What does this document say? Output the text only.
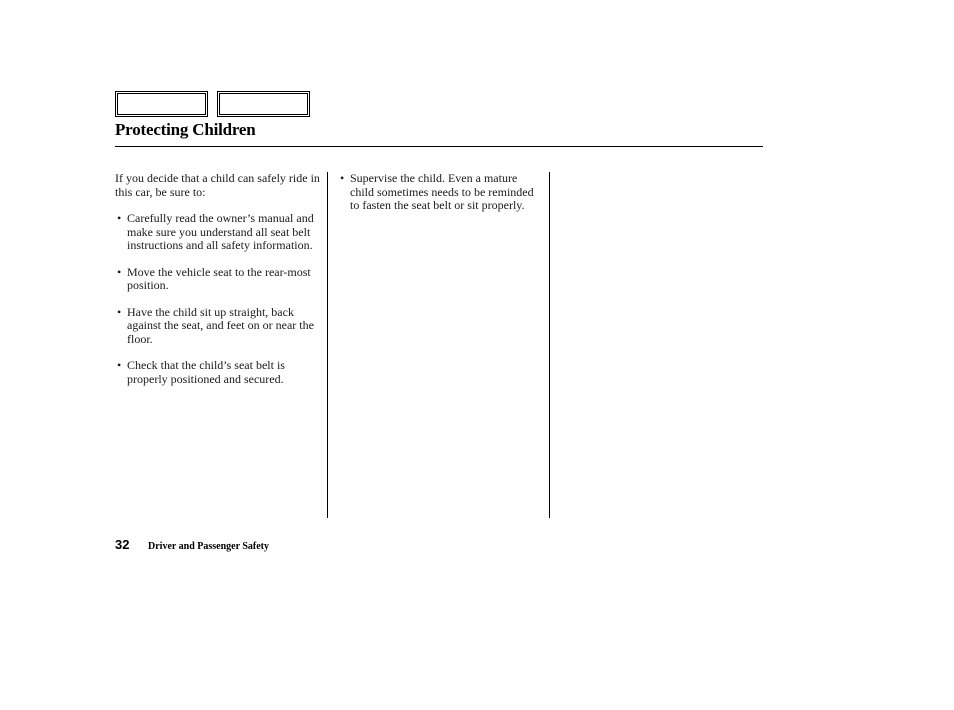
Protecting Children

If you decide that a child can safely ride in this car, be sure to:

• Carefully read the owner’s manual and make sure you understand all seat belt instructions and all safety information.
• Move the vehicle seat to the rear-most position.
• Have the child sit up straight, back against the seat, and feet on or near the floor.
• Check that the child’s seat belt is properly positioned and secured.
• Supervise the child. Even a mature child sometimes needs to be reminded to fasten the seat belt or sit properly.
32 Driver and Passenger Safety
